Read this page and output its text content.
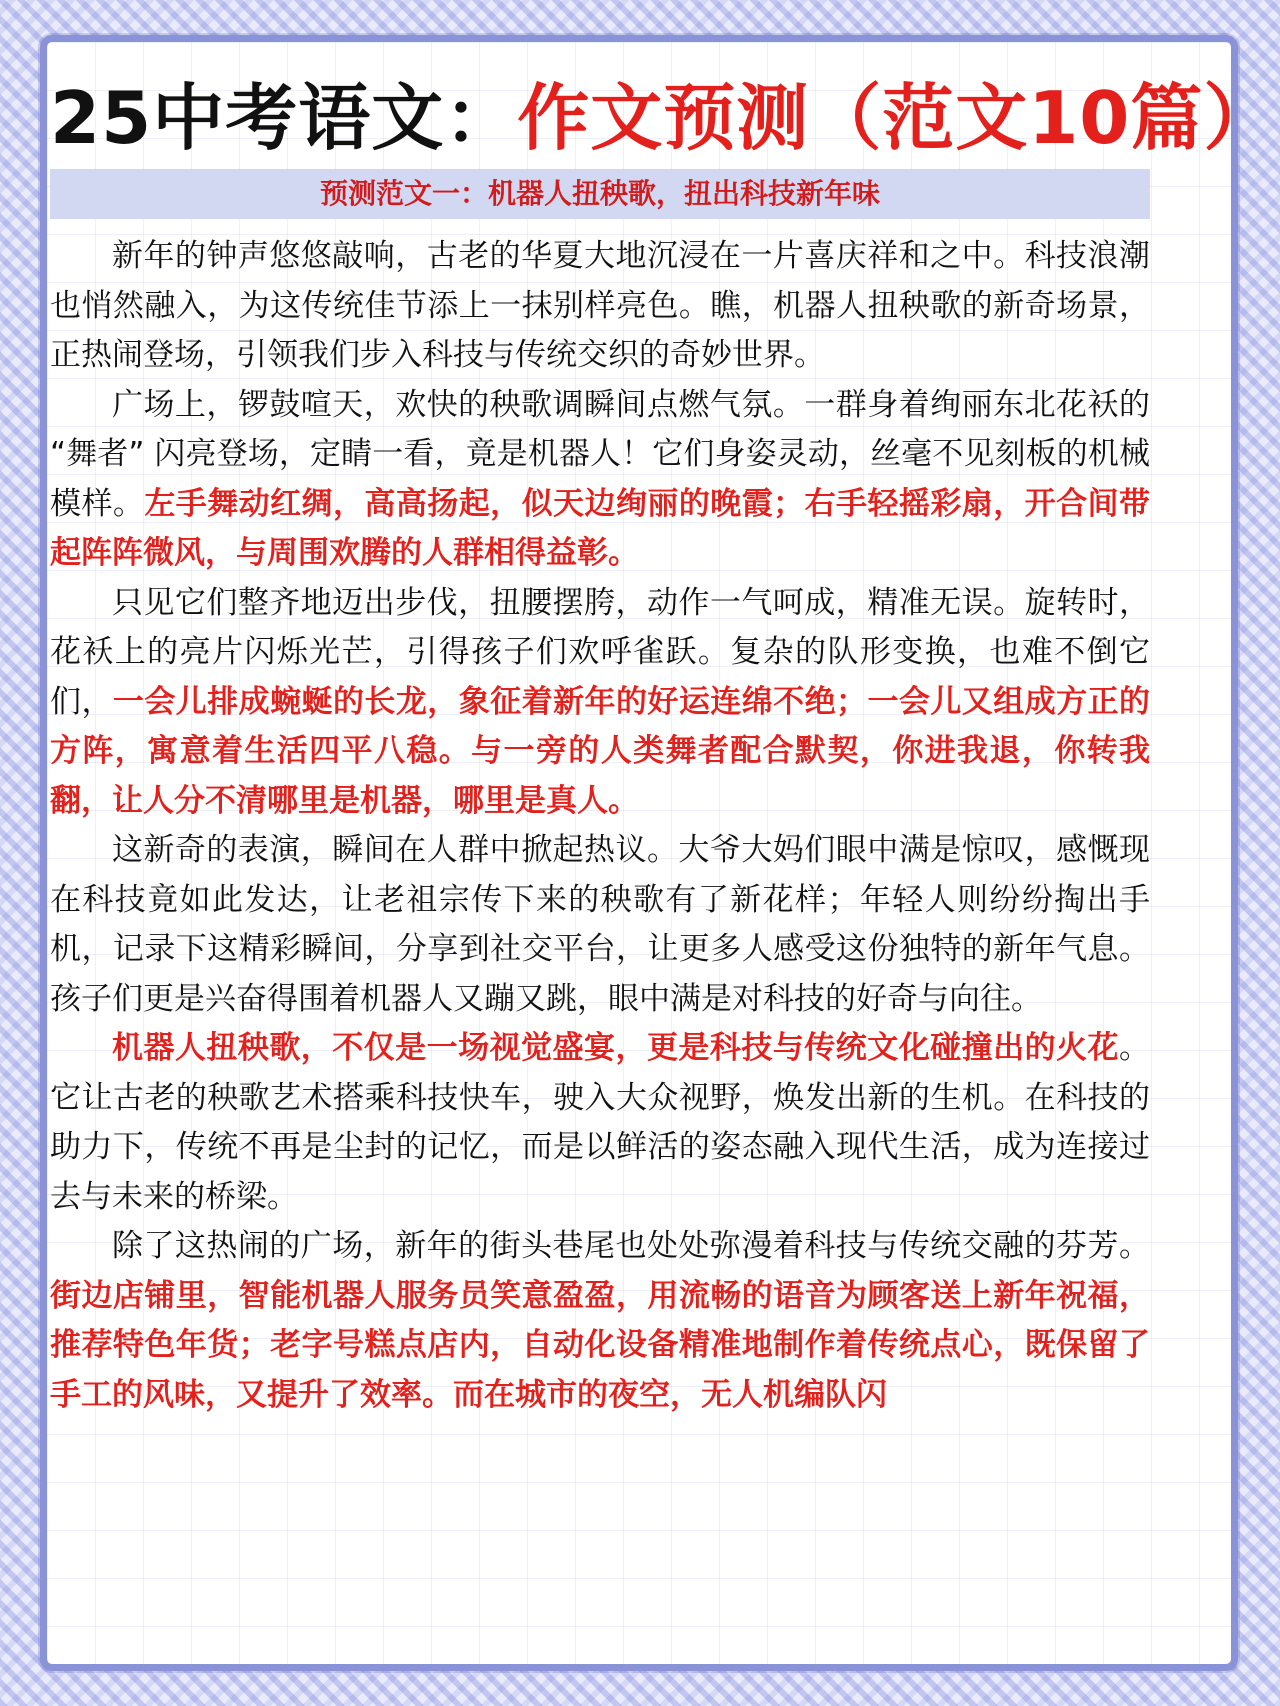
25中考语文：作文预测（范文10篇）
预测范文一：机器人扭秧歌，扭出科技新年味

新年的钟声悠悠敲响，古老的华夏大地沉浸在一片喜庆祥和之中。科技浪潮也悄然融入，为这传统佳节添上一抹别样亮色。瞧，机器人扭秧歌的新奇场景，正热闹登场，引领我们步入科技与传统交织的奇妙世界。

广场上，锣鼓喧天，欢快的秧歌调瞬间点燃气氛。一群身着绚丽东北花袄的 “舞者” 闪亮登场，定睛一看，竟是机器人！它们身姿灵动，丝毫不见刻板的机械模样。左手舞动红绸，高高扬起，似天边绚丽的晚霞；右手轻摇彩扇，开合间带起阵阵微风，与周围欢腾的人群相得益彰。

只见它们整齐地迈出步伐，扭腰摆胯，动作一气呵成，精准无误。旋转时，花袄上的亮片闪烁光芒，引得孩子们欢呼雀跃。复杂的队形变换，也难不倒它们，一会儿排成蜿蜒的长龙，象征着新年的好运连绵不绝；一会儿又组成方正的方阵，寓意着生活四平八稳。与一旁的人类舞者配合默契，你进我退，你转我翻，让人分不清哪里是机器，哪里是真人。

这新奇的表演，瞬间在人群中掀起热议。大爷大妈们眼中满是惊叹，感慨现在科技竟如此发达，让老祖宗传下来的秧歌有了新花样；年轻人则纷纷掏出手机，记录下这精彩瞬间，分享到社交平台，让更多人感受这份独特的新年气息。孩子们更是兴奋得围着机器人又蹦又跳，眼中满是对科技的好奇与向往。

机器人扭秧歌，不仅是一场视觉盛宴，更是科技与传统文化碰撞出的火花。它让古老的秧歌艺术搭乘科技快车，驶入大众视野，焕发出新的生机。在科技的助力下，传统不再是尘封的记忆，而是以鲜活的姿态融入现代生活，成为连接过去与未来的桥梁。

除了这热闹的广场，新年的街头巷尾也处处弥漫着科技与传统交融的芬芳。街边店铺里，智能机器人服务员笑意盈盈，用流畅的语音为顾客送上新年祝福，推荐特色年货；老字号糕点店内，自动化设备精准地制作着传统点心，既保留了手工的风味，又提升了效率。而在城市的夜空，无人机编队闪
